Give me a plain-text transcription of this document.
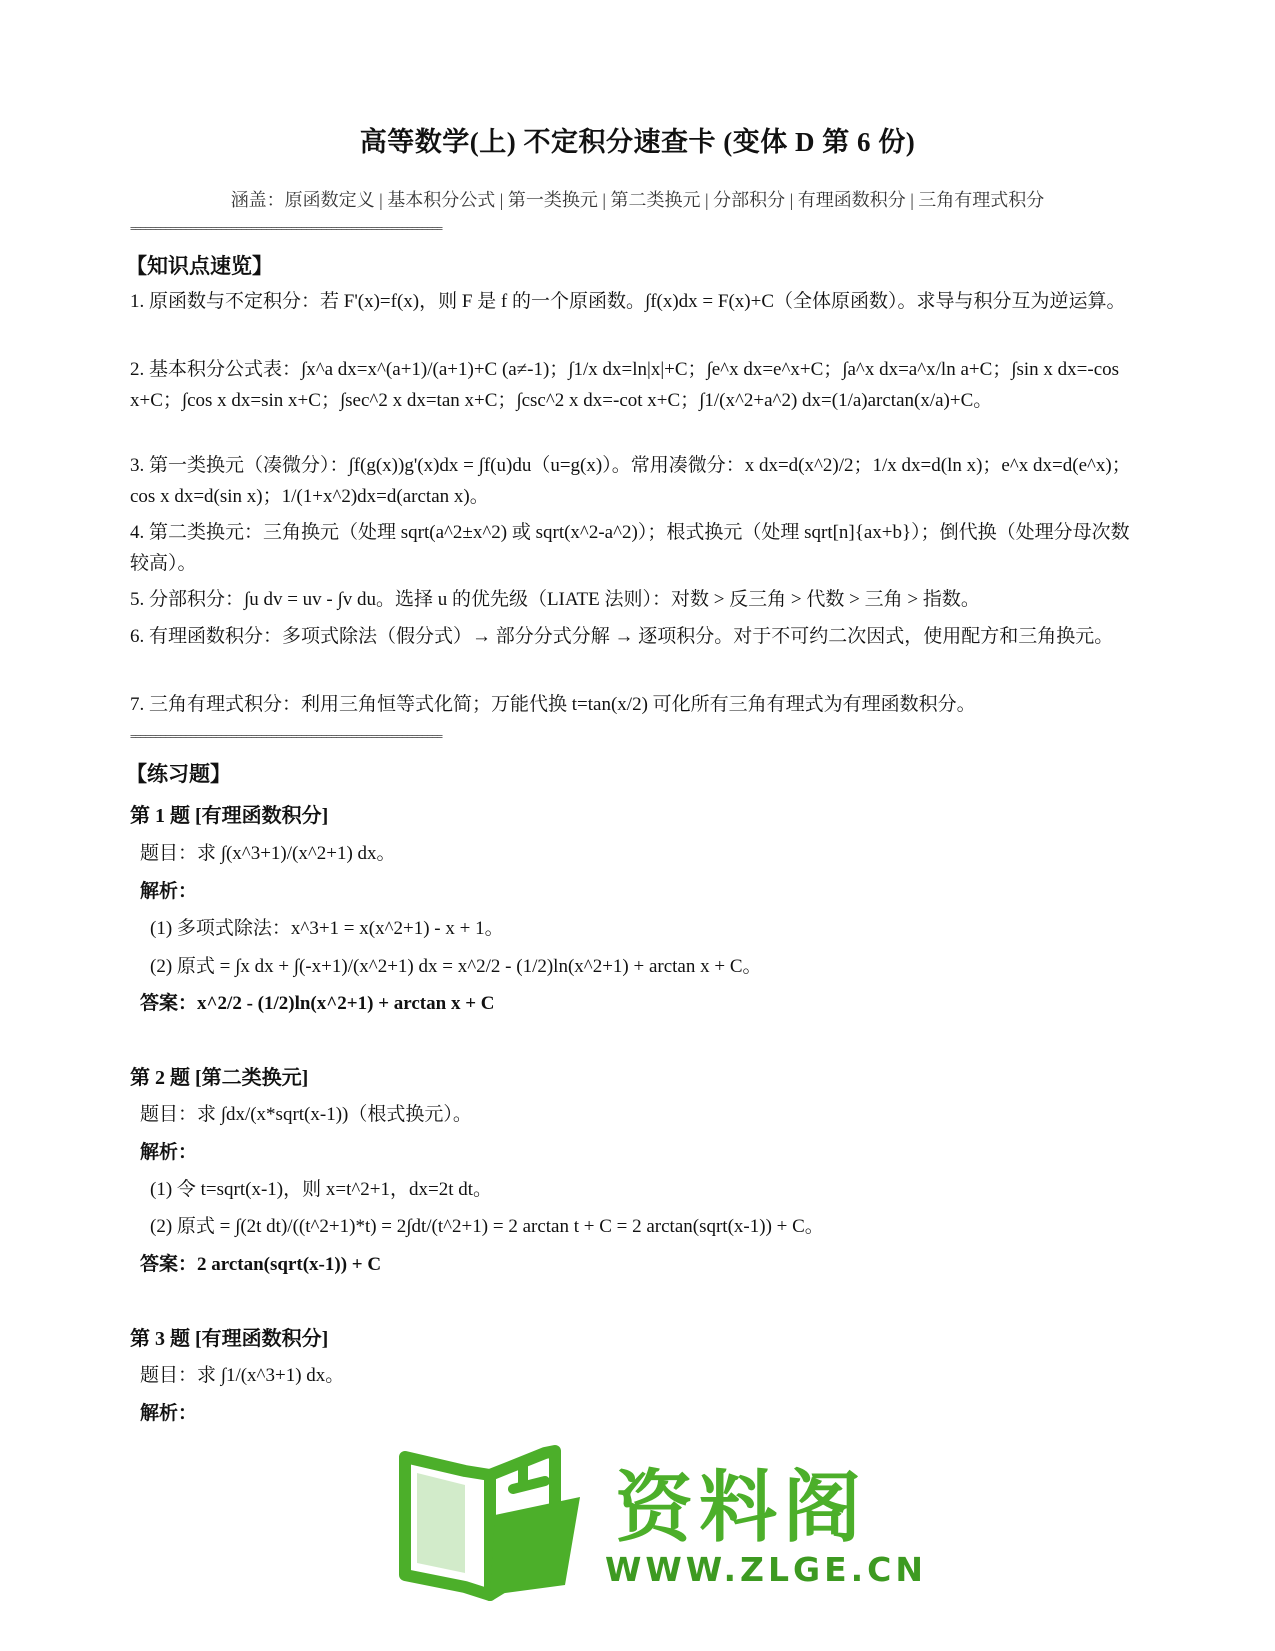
高等数学(上) 不定积分速查卡 (变体 D 第 6 份)
涵盖：原函数定义 | 基本积分公式 | 第一类换元 | 第二类换元 | 分部积分 | 有理函数积分 | 三角有理式积分
==============================================================
【知识点速览】
1. 原函数与不定积分：若 F'(x)=f(x)，则 F 是 f 的一个原函数。∫f(x)dx = F(x)+C（全体原函数）。求导与积分互为逆运算。
2. 基本积分公式表：∫x^a dx=x^(a+1)/(a+1)+C (a≠-1)；∫1/x dx=ln|x|+C；∫e^x dx=e^x+C；∫a^x dx=a^x/ln a+C；∫sin x dx=-cos x+C；∫cos x dx=sin x+C；∫sec^2 x dx=tan x+C；∫csc^2 x dx=-cot x+C；∫1/(x^2+a^2) dx=(1/a)arctan(x/a)+C。
3. 第一类换元（凑微分）：∫f(g(x))g'(x)dx = ∫f(u)du（u=g(x)）。常用凑微分：x dx=d(x^2)/2；1/x dx=d(ln x)；e^x dx=d(e^x)；cos x dx=d(sin x)；1/(1+x^2)dx=d(arctan x)。
4. 第二类换元：三角换元（处理 sqrt(a^2±x^2) 或 sqrt(x^2-a^2)）；根式换元（处理 sqrt[n]{ax+b}）；倒代换（处理分母次数较高）。
5. 分部积分：∫u dv = uv - ∫v du。选择 u 的优先级（LIATE 法则）：对数 > 反三角 > 代数 > 三角 > 指数。
6. 有理函数积分：多项式除法（假分式）→ 部分分式分解 → 逐项积分。对于不可约二次因式，使用配方和三角换元。
7. 三角有理式积分：利用三角恒等式化简；万能代换 t=tan(x/2) 可化所有三角有理式为有理函数积分。
==============================================================
【练习题】
第 1 题 [有理函数积分]
题目：求 ∫(x^3+1)/(x^2+1) dx。
解析：
(1) 多项式除法：x^3+1 = x(x^2+1) - x + 1。
(2) 原式 = ∫x dx + ∫(-x+1)/(x^2+1) dx = x^2/2 - (1/2)ln(x^2+1) + arctan x + C。
答案：x^2/2 - (1/2)ln(x^2+1) + arctan x + C
第 2 题 [第二类换元]
题目：求 ∫dx/(x*sqrt(x-1))（根式换元）。
解析：
(1) 令 t=sqrt(x-1)，则 x=t^2+1，dx=2t dt。
(2) 原式 = ∫(2t dt)/((t^2+1)*t) = 2∫dt/(t^2+1) = 2 arctan t + C = 2 arctan(sqrt(x-1)) + C。
答案：2 arctan(sqrt(x-1)) + C
第 3 题 [有理函数积分]
题目：求 ∫1/(x^3+1) dx。
解析：
资料阁
WWW.ZLGE.CN
